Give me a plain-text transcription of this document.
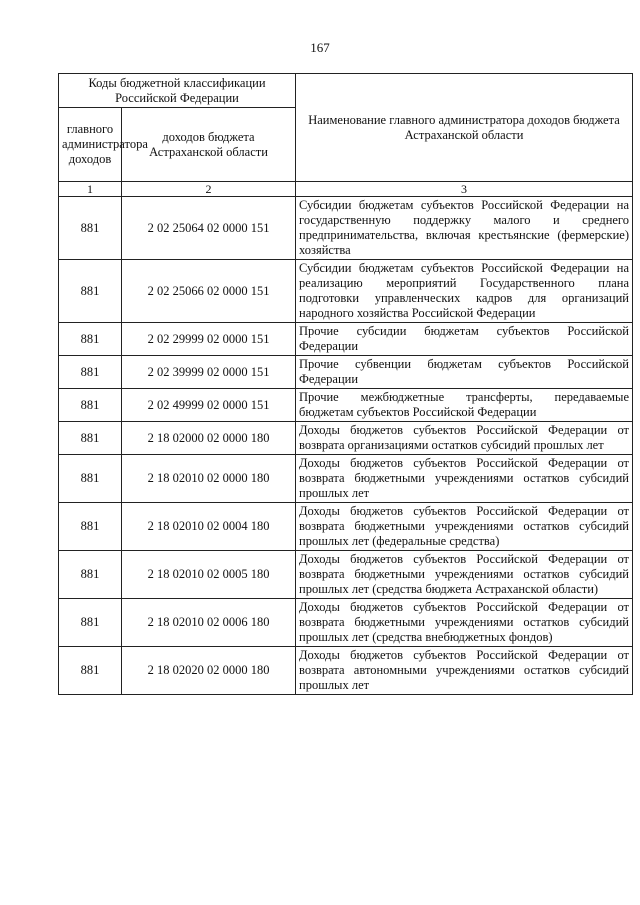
167
Коды бюджетной классификации Российской Федерации		Наименование главного администратора доходов бюджета Астраханской области
главного администратора доходов	доходов бюджета Астраханской области	
1	2	3
881	2 02 25064 02 0000 151	Субсидии бюджетам субъектов Российской Федерации на государственную поддержку малого и среднего предпринимательства, включая крестьянские (фермерские) хозяйства
881	2 02 25066 02 0000 151	Субсидии бюджетам субъектов Российской Федерации на реализацию мероприятий Государственного плана подготовки управленческих кадров для организаций народного хозяйства Российской Федерации
881	2 02 29999 02 0000 151	Прочие субсидии бюджетам субъектов Российской Федерации
881	2 02 39999 02 0000 151	Прочие субвенции бюджетам субъектов Российской Федерации
881	2 02 49999 02 0000 151	Прочие межбюджетные трансферты, передаваемые бюджетам субъектов Российской Федерации
881	2 18 02000 02 0000 180	Доходы бюджетов субъектов Российской Федерации от возврата организациями остатков субсидий прошлых лет
881	2 18 02010 02 0000 180	Доходы бюджетов субъектов Российской Федерации от возврата бюджетными учреждениями остатков субсидий прошлых лет
881	2 18 02010 02 0004 180	Доходы бюджетов субъектов Российской Федерации от возврата бюджетными учреждениями остатков субсидий прошлых лет (федеральные средства)
881	2 18 02010 02 0005 180	Доходы бюджетов субъектов Российской Федерации от возврата бюджетными учреждениями остатков субсидий прошлых лет (средства бюджета Астраханской области)
881	2 18 02010 02 0006 180	Доходы бюджетов субъектов Российской Федерации от возврата бюджетными учреждениями остатков субсидий прошлых лет (средства внебюджетных фондов)
881	2 18 02020 02 0000 180	Доходы бюджетов субъектов Российской Федерации от возврата автономными учреждениями остатков субсидий прошлых лет
